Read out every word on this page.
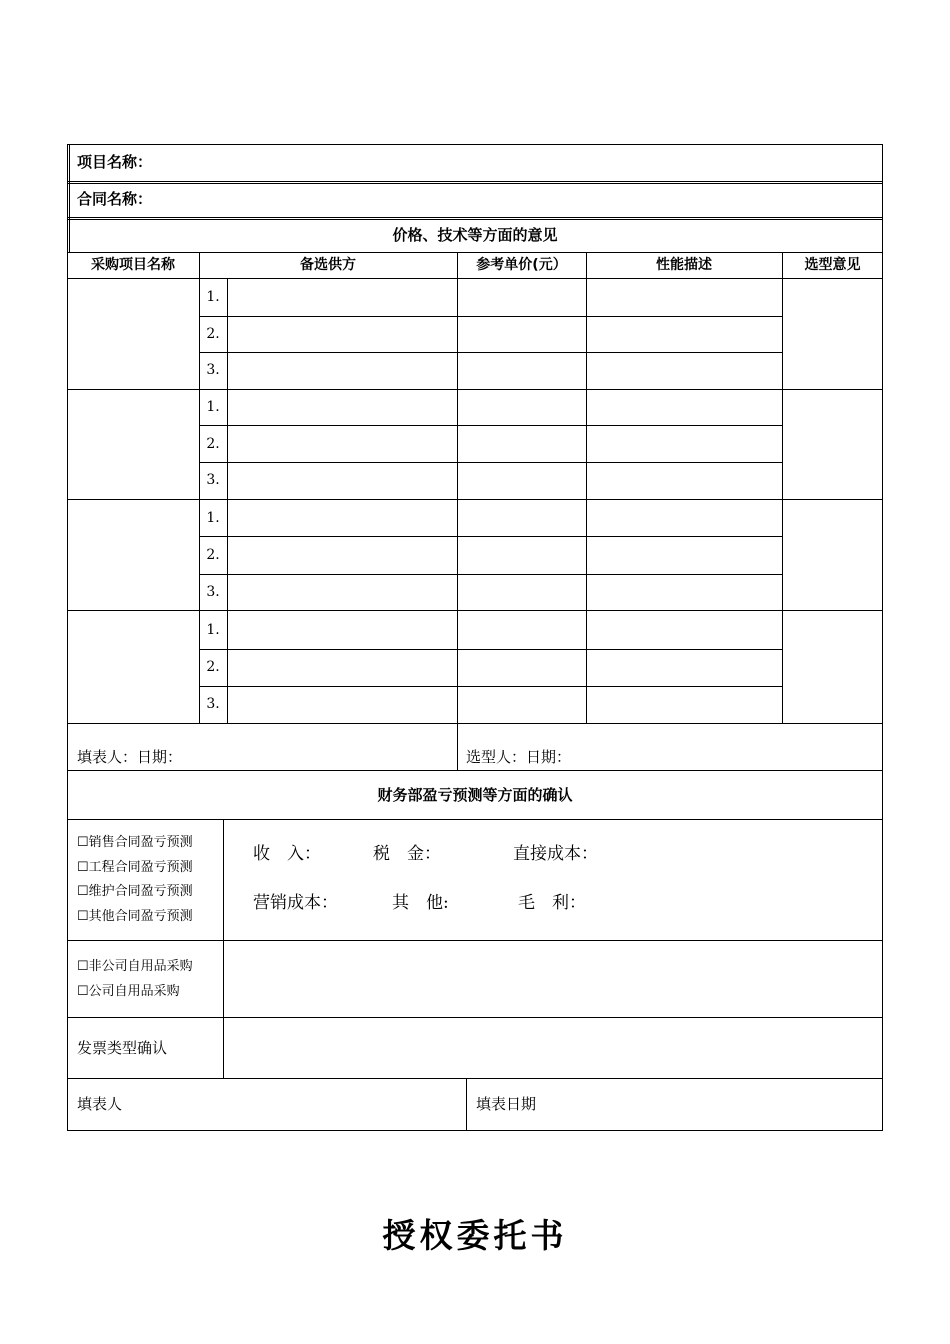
项目名称：
合同名称：
价格、技术等方面的意见
采购项目名称	备选供方	参考单价(元）	性能描述	选型意见
1.
2.
3.
1.
2.
3.
1.
2.
3.
1.
2.
3.
填表人：日期：	选型人：日期：
财务部盈亏预测等方面的确认
☐销售合同盈亏预测
☐工程合同盈亏预测
☐维护合同盈亏预测
☐其他合同盈亏预测
收　入：	税　金：	直接成本：
营销成本：	其　他:	毛　利：
☐非公司自用品采购
☐公司自用品采购
发票类型确认
填表人	填表日期
授权委托书
